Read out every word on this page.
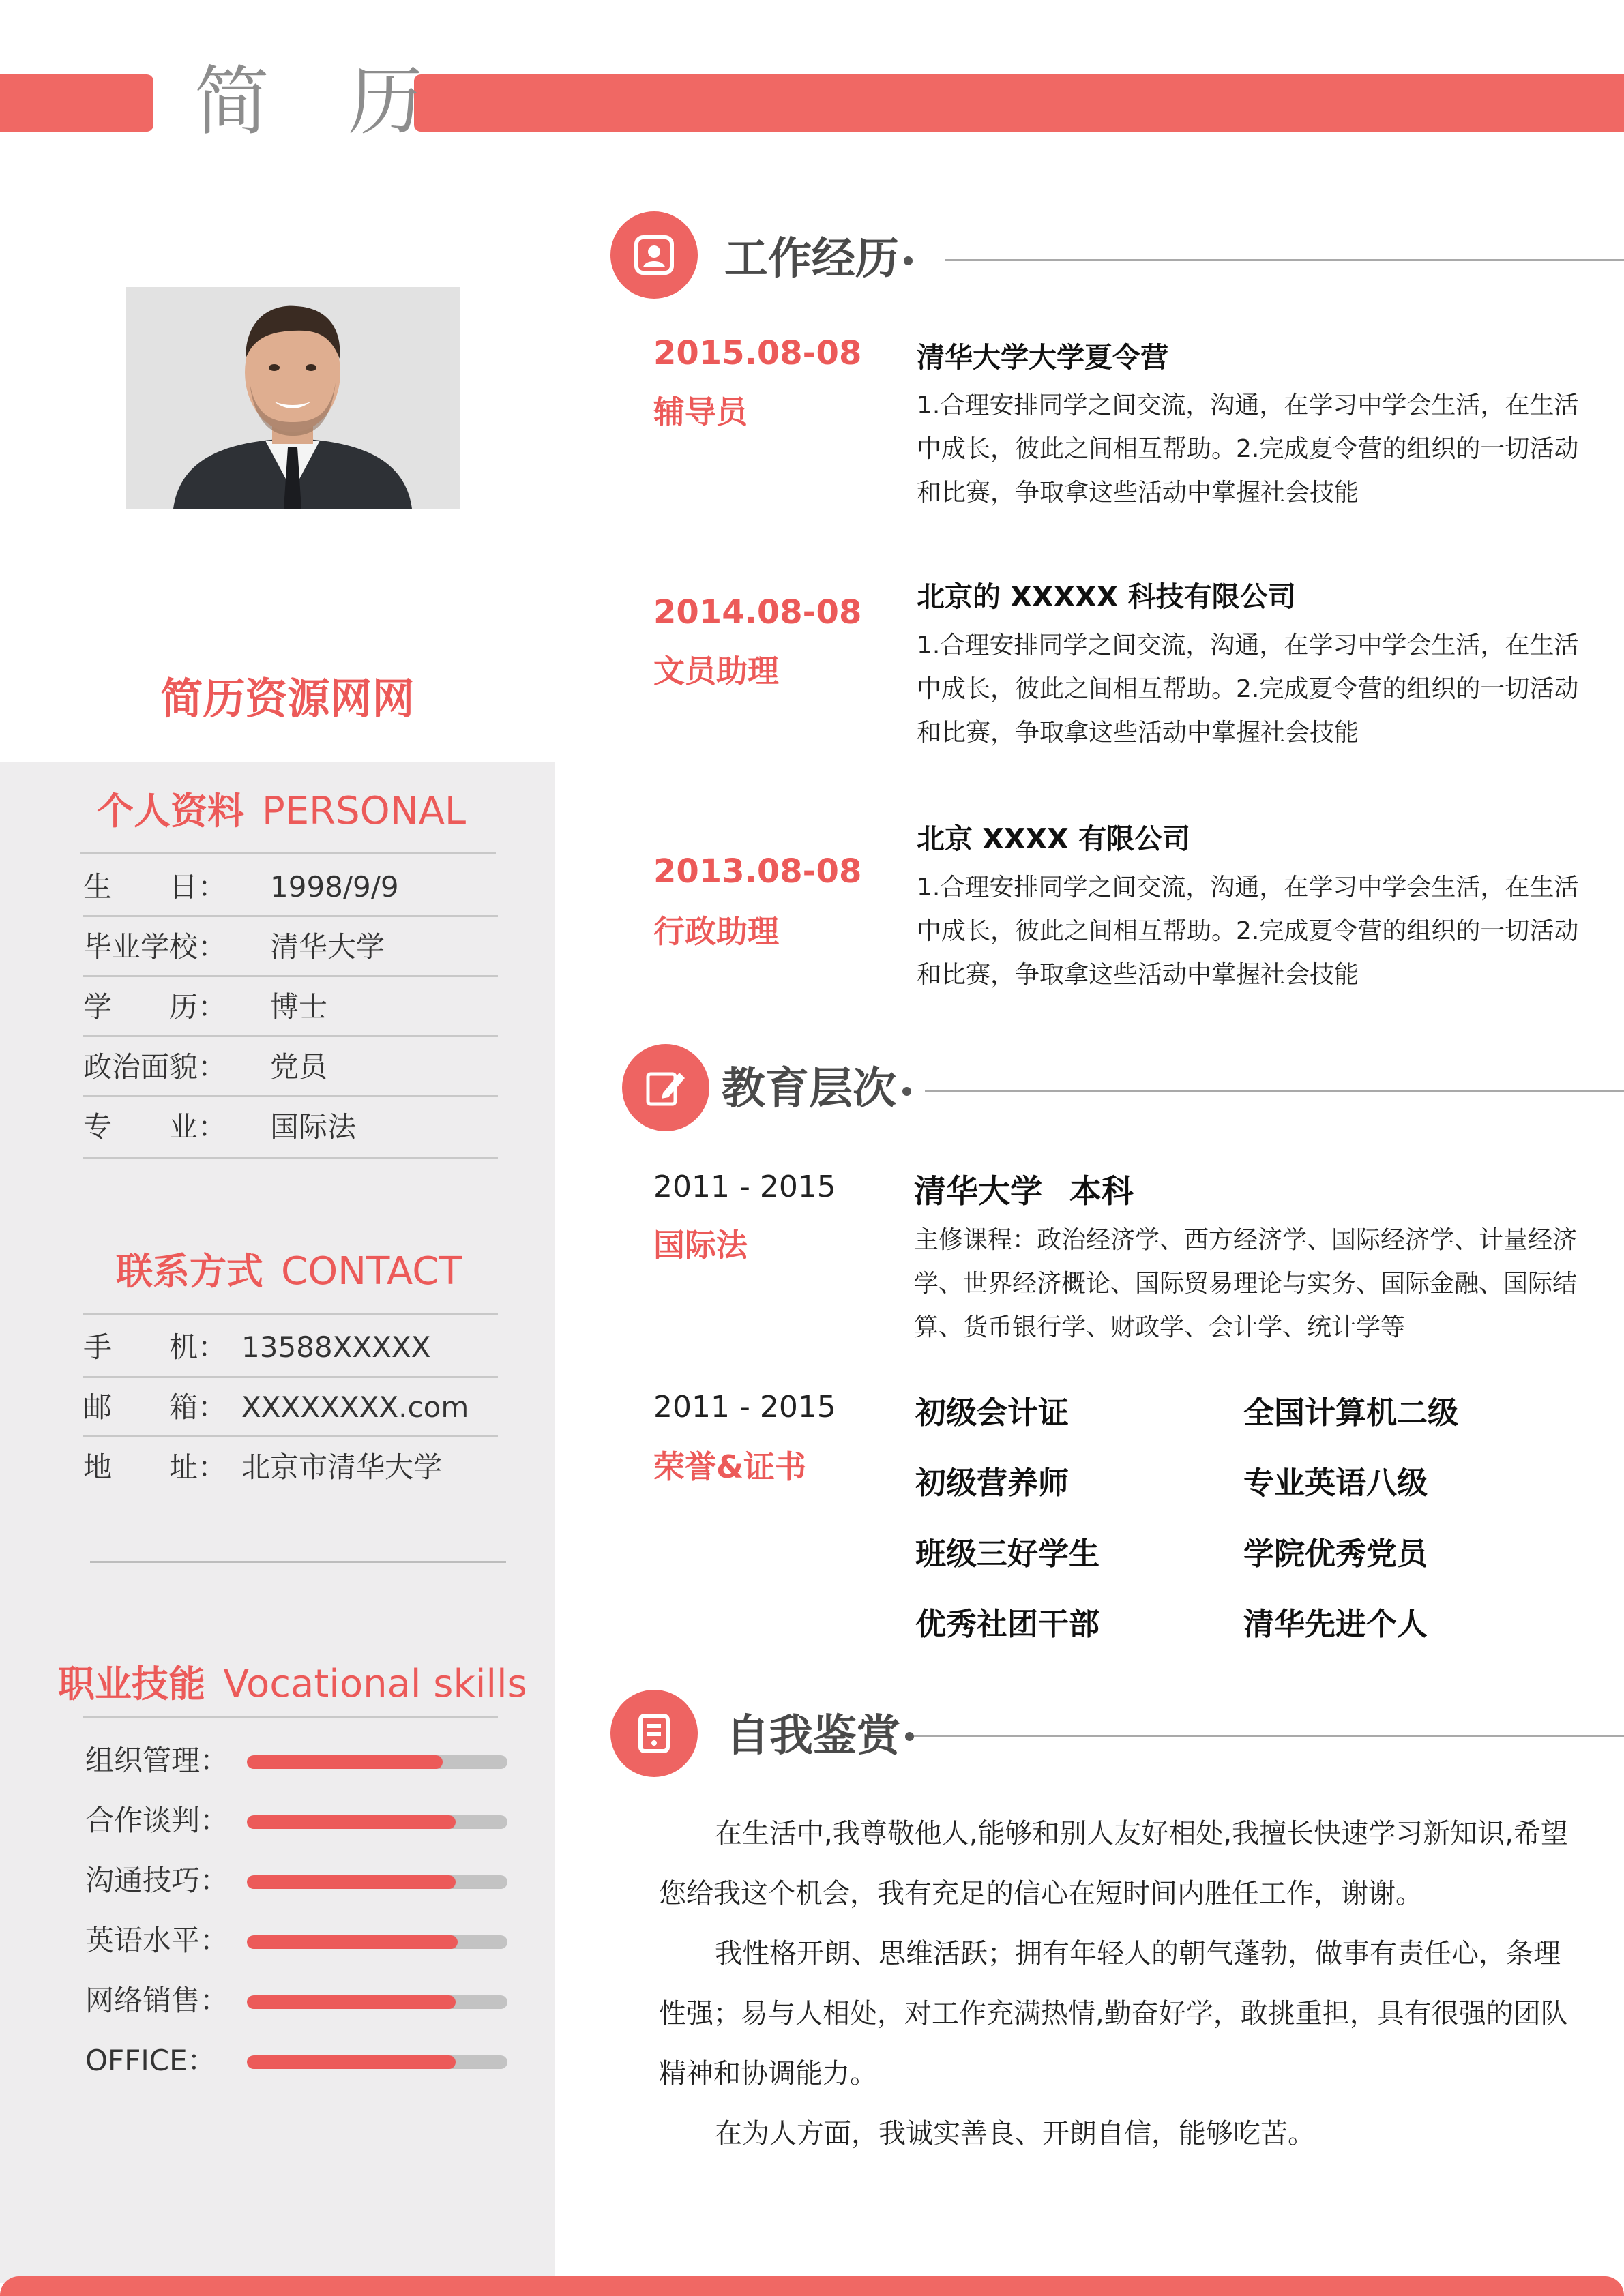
简 历
简历资源网网
个人资料 PERSONAL
生　　日： 1998/9/9
毕业学校： 清华大学
学　　历： 博士
政治面貌： 党员
专　　业： 国际法
联系方式 CONTACT
手　　机： 13588XXXXX
邮　　箱： XXXXXXXX.com
地　　址： 北京市清华大学
职业技能 Vocational skills
组织管理：
合作谈判：
沟通技巧：
英语水平：
网络销售：
OFFICE：
工作经历
2015.08-08
辅导员
清华大学大学夏令营
1.合理安排同学之间交流，沟通，在学习中学会生活，在生活中成长，彼此之间相互帮助。2.完成夏令营的组织的一切活动和比赛，争取拿这些活动中掌握社会技能
2014.08-08
文员助理
北京的 XXXXX 科技有限公司
1.合理安排同学之间交流，沟通，在学习中学会生活，在生活中成长，彼此之间相互帮助。2.完成夏令营的组织的一切活动和比赛，争取拿这些活动中掌握社会技能
2013.08-08
行政助理
北京 XXXX 有限公司
1.合理安排同学之间交流，沟通，在学习中学会生活，在生活中成长，彼此之间相互帮助。2.完成夏令营的组织的一切活动和比赛，争取拿这些活动中掌握社会技能
教育层次
2011 - 2015
国际法
清华大学 本科
主修课程：政治经济学、西方经济学、国际经济学、计量经济学、世界经济概论、国际贸易理论与实务、国际金融、国际结算、货币银行学、财政学、会计学、统计学等
2011 - 2015
荣誉&证书
初级会计证	全国计算机二级
初级营养师	专业英语八级
班级三好学生	学院优秀党员
优秀社团干部	清华先进个人
自我鉴赏
在生活中,我尊敬他人,能够和别人友好相处,我擅长快速学习新知识,希望您给我这个机会，我有充足的信心在短时间内胜任工作，谢谢。
我性格开朗、思维活跃；拥有年轻人的朝气蓬勃，做事有责任心，条理性强；易与人相处，对工作充满热情,勤奋好学，敢挑重担，具有很强的团队精神和协调能力。
在为人方面，我诚实善良、开朗自信，能够吃苦。
